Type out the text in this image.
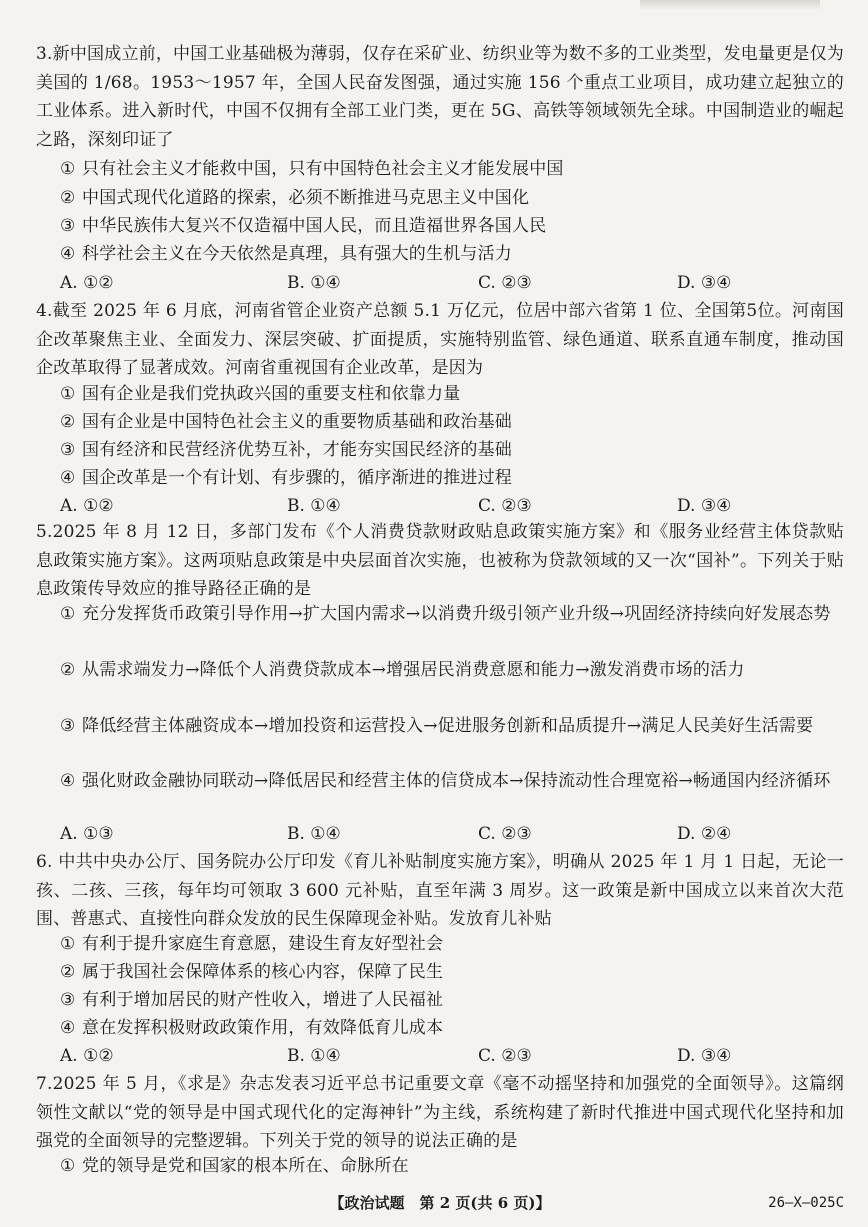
3.新中国成立前，中国工业基础极为薄弱，仅存在采矿业、纺织业等为数不多的工业类型，发电量更是仅为美国的 1/68。1953～1957 年，全国人民奋发图强，通过实施 156 个重点工业项目，成功建立起独立的工业体系。进入新时代，中国不仅拥有全部工业门类，更在 5G、高铁等领域领先全球。中国制造业的崛起之路，深刻印证了
① 只有社会主义才能救中国，只有中国特色社会主义才能发展中国
② 中国式现代化道路的探索，必须不断推进马克思主义中国化
③ 中华民族伟大复兴不仅造福中国人民，而且造福世界各国人民
④ 科学社会主义在今天依然是真理，具有强大的生机与活力
A. ①②	B. ①④	C. ②③	D. ③④
4.截至 2025 年 6 月底，河南省管企业资产总额 5.1 万亿元，位居中部六省第 1 位、全国第5位。河南国企改革聚焦主业、全面发力、深层突破、扩面提质，实施特别监管、绿色通道、联系直通车制度，推动国企改革取得了显著成效。河南省重视国有企业改革，是因为
① 国有企业是我们党执政兴国的重要支柱和依靠力量
② 国有企业是中国特色社会主义的重要物质基础和政治基础
③ 国有经济和民营经济优势互补，才能夯实国民经济的基础
④ 国企改革是一个有计划、有步骤的，循序渐进的推进过程
A. ①②	B. ①④	C. ②③	D. ③④
5.2025 年 8 月 12 日，多部门发布《个人消费贷款财政贴息政策实施方案》和《服务业经营主体贷款贴息政策实施方案》。这两项贴息政策是中央层面首次实施，也被称为贷款领域的又一次“国补”。下列关于贴息政策传导效应的推导路径正确的是
① 充分发挥货币政策引导作用→扩大国内需求→以消费升级引领产业升级→巩固经济持续向好发展态势
② 从需求端发力→降低个人消费贷款成本→增强居民消费意愿和能力→激发消费市场的活力
③ 降低经营主体融资成本→增加投资和运营投入→促进服务创新和品质提升→满足人民美好生活需要
④ 强化财政金融协同联动→降低居民和经营主体的信贷成本→保持流动性合理宽裕→畅通国内经济循环
A. ①③	B. ①④	C. ②③	D. ②④
6. 中共中央办公厅、国务院办公厅印发《育儿补贴制度实施方案》，明确从 2025 年 1 月 1 日起，无论一孩、二孩、三孩，每年均可领取 3 600 元补贴，直至年满 3 周岁。这一政策是新中国成立以来首次大范围、普惠式、直接性向群众发放的民生保障现金补贴。发放育儿补贴
① 有利于提升家庭生育意愿，建设生育友好型社会
② 属于我国社会保障体系的核心内容，保障了民生
③ 有利于增加居民的财产性收入，增进了人民福祉
④ 意在发挥积极财政政策作用，有效降低育儿成本
A. ①②	B. ①④	C. ②③	D. ③④
7.2025 年 5 月，《求是》杂志发表习近平总书记重要文章《毫不动摇坚持和加强党的全面领导》。这篇纲领性文献以“党的领导是中国式现代化的定海神针”为主线，系统构建了新时代推进中国式现代化坚持和加强党的全面领导的完整逻辑。下列关于党的领导的说法正确的是
① 党的领导是党和国家的根本所在、命脉所在
【政治试题　第 2 页(共 6 页)】	26—X—025C
